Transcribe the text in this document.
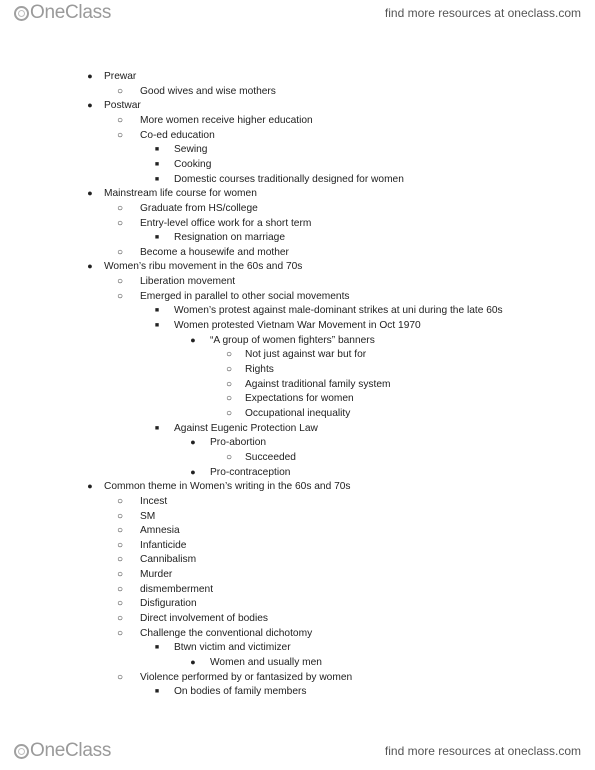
OneClass	find more resources at oneclass.com
● Prewar
○ Good wives and wise mothers
● Postwar
○ More women receive higher education
○ Co-ed education
■ Sewing
■ Cooking
■ Domestic courses traditionally designed for women
● Mainstream life course for women
○ Graduate from HS/college
○ Entry-level office work for a short term
■ Resignation on marriage
○ Become a housewife and mother
● Women’s ribu movement in the 60s and 70s
○ Liberation movement
○ Emerged in parallel to other social movements
■ Women’s protest against male-dominant strikes at uni during the late 60s
■ Women protested Vietnam War Movement in Oct 1970
● “A group of women fighters” banners
○ Not just against war but for
○ Rights
○ Against traditional family system
○ Expectations for women
○ Occupational inequality
■ Against Eugenic Protection Law
● Pro-abortion
○ Succeeded
● Pro-contraception
● Common theme in Women’s writing in the 60s and 70s
○ Incest
○ SM
○ Amnesia
○ Infanticide
○ Cannibalism
○ Murder
○ dismemberment
○ Disfiguration
○ Direct involvement of bodies
○ Challenge the conventional dichotomy
■ Btwn victim and victimizer
● Women and usually men
○ Violence performed by or fantasized by women
■ On bodies of family members
OneClass	find more resources at oneclass.com
